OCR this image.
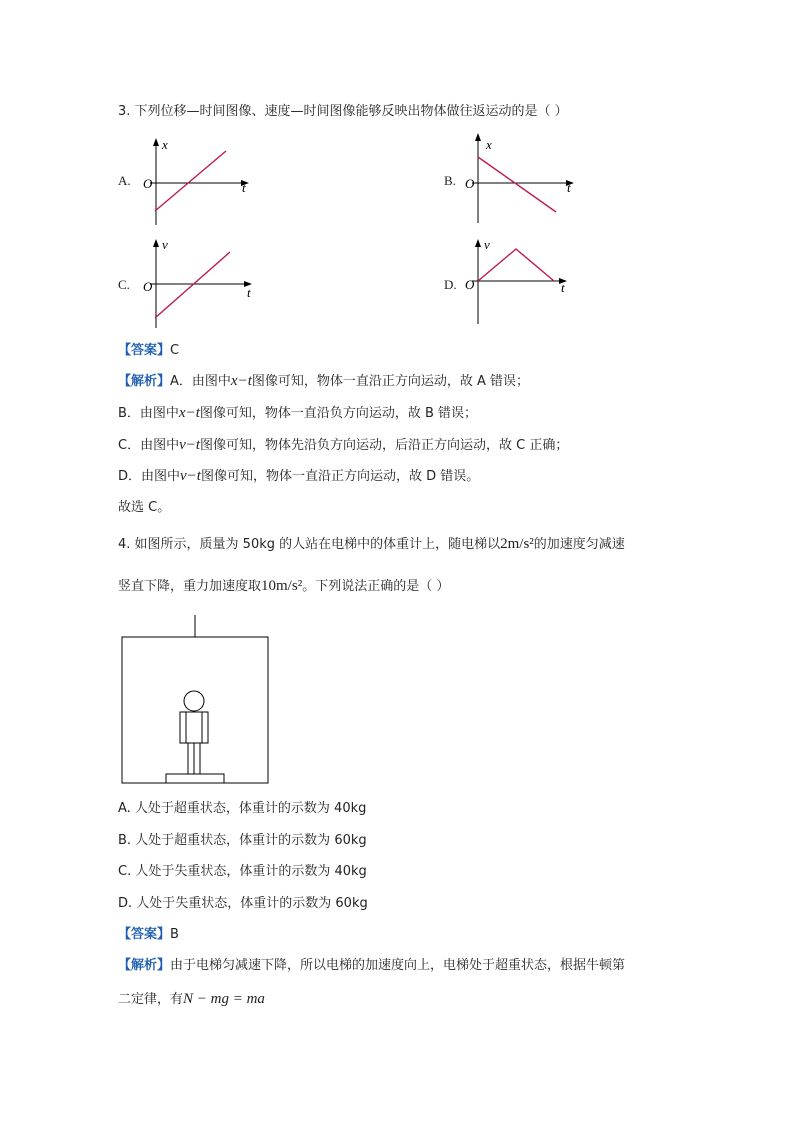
3. 下列位移—时间图像、速度—时间图像能够反映出物体做往返运动的是（ ）
A.
x
t
O	B.
x
t
O
C.
v
t
O	D.
v
t
O
【答案】C
【解析】A．由图中x−t图像可知，物体一直沿正方向运动，故 A 错误；
B．由图中x−t图像可知，物体一直沿负方向运动，故 B 错误；
C．由图中v−t图像可知，物体先沿负方向运动，后沿正方向运动，故 C 正确；
D．由图中v−t图像可知，物体一直沿正方向运动，故 D 错误。
故选 C。
4. 如图所示，质量为 50kg 的人站在电梯中的体重计上，随电梯以2m/s²的加速度匀减速
竖直下降，重力加速度取10m/s²。下列说法正确的是（ ）
A. 人处于超重状态，体重计的示数为 40kg
B. 人处于超重状态，体重计的示数为 60kg
C. 人处于失重状态，体重计的示数为 40kg
D. 人处于失重状态，体重计的示数为 60kg
【答案】B
【解析】由于电梯匀减速下降，所以电梯的加速度向上，电梯处于超重状态，根据牛顿第
二定律，有N − mg = ma
